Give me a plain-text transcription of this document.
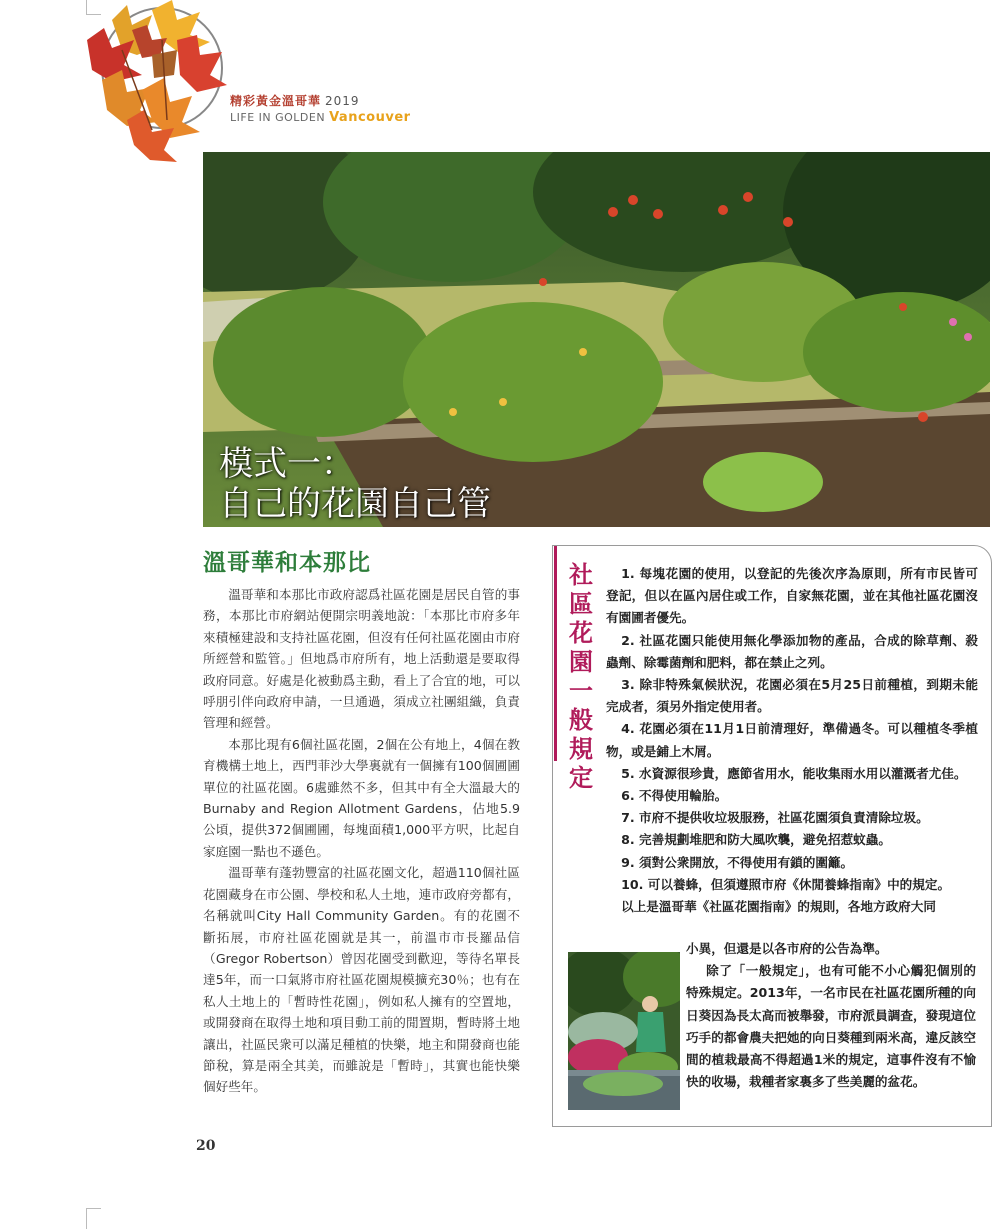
精彩黃金溫哥華 2019
LIFE IN GOLDEN Vancouver
模式一：
自己的花園自己管
溫哥華和本那比

溫哥華和本那比市政府認爲社區花園是居民自管的事務，本那比市府網站便開宗明義地說：「本那比市府多年來積極建設和支持社區花園，但沒有任何社區花園由市府所經營和監管。」但地爲市府所有，地上活動還是要取得政府同意。好處是化被動爲主動，看上了合宜的地，可以呼朋引伴向政府申請，一旦通過，須成立社團組織，負責管理和經營。

本那比現有6個社區花園，2個在公有地上，4個在教育機構土地上，西門菲沙大學裏就有一個擁有100個圃圃單位的社區花園。6處雖然不多，但其中有全大溫最大的Burnaby and Region Allotment Gardens，佔地5.9公頃，提供372個圃圃，每塊面積1,000平方呎，比起自家庭園一點也不遜色。

溫哥華有蓬勃豐富的社區花園文化，超過110個社區花園藏身在市公園、學校和私人土地，連市政府旁都有，名稱就叫City Hall Community Garden。有的花園不斷拓展，市府社區花園就是其一，前溫市市長羅品信（Gregor Robertson）曾因花園受到歡迎，等待名單長達5年，而一口氣將市府社區花園規模擴充30％；也有在私人土地上的「暫時性花園」，例如私人擁有的空置地，或開發商在取得土地和項目動工前的閒置期，暫時將土地讓出，社區民衆可以滿足種植的快樂，地主和開發商也能節稅，算是兩全其美，而雖說是「暫時」，其實也能快樂個好些年。

社
區
花
園
一
般
規
定

1. 每塊花園的使用，以登記的先後次序為原則，所有市民皆可登記，但以在區內居住或工作，自家無花園，並在其他社區花園沒有園圃者優先。

2. 社區花園只能使用無化學添加物的產品，合成的除草劑、殺蟲劑、除霉菌劑和肥料，都在禁止之列。

3. 除非特殊氣候狀況，花園必須在5月25日前種植，到期未能完成者，須另外指定使用者。

4. 花園必須在11月1日前清理好，準備過冬。可以種植冬季植物，或是鋪上木屑。

5. 水資源很珍貴，應節省用水，能收集雨水用以灌溉者尤佳。

6. 不得使用輪胎。

7. 市府不提供收垃圾服務，社區花園須負責清除垃圾。

8. 完善規劃堆肥和防大風吹襲，避免招惹蚊蟲。

9. 須對公衆開放，不得使用有鎖的圍籬。

10. 可以養蜂，但須遵照市府《休閒養蜂指南》中的規定。

以上是溫哥華《社區花園指南》的規則，各地方政府大同

小異，但還是以各市府的公告為準。

除了「一般規定」，也有可能不小心觸犯個別的特殊規定。2013年，一名市民在社區花園所種的向日葵因為長太高而被舉發，市府派員調查，發現這位巧手的都會農夫把她的向日葵種到兩米高，違反該空間的植栽最高不得超過1米的規定，這事件沒有不愉快的收場，栽種者家裏多了些美麗的盆花。

20
